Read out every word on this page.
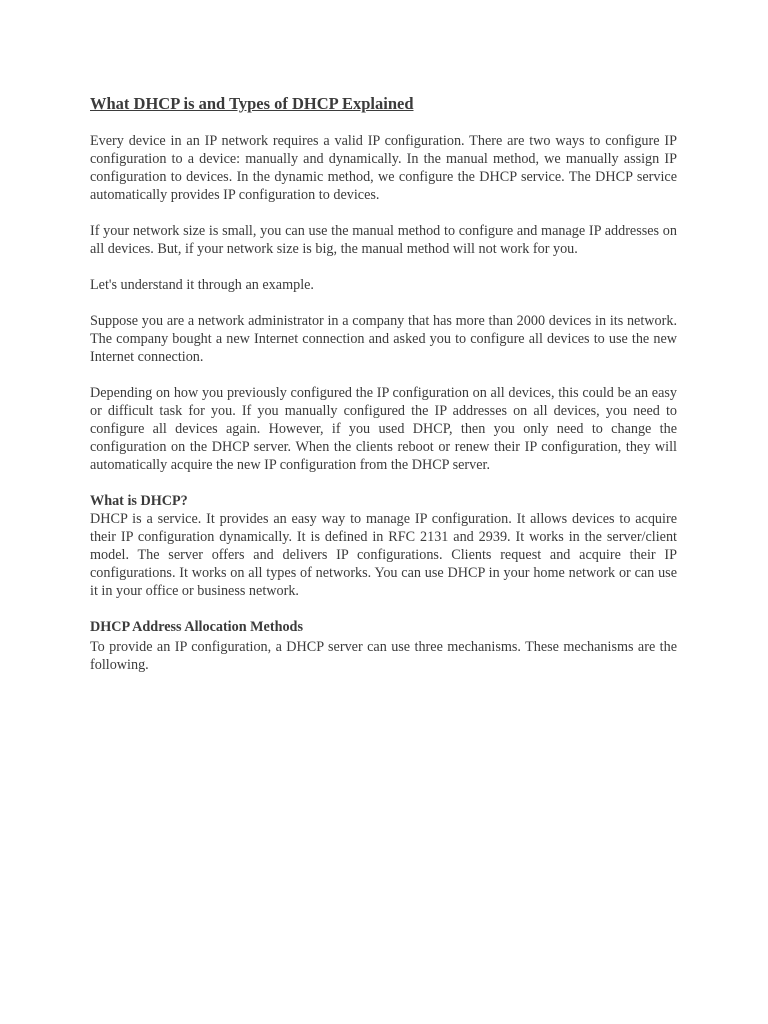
What DHCP is and Types of DHCP Explained

Every device in an IP network requires a valid IP configuration. There are two ways to configure IP configuration to a device: manually and dynamically. In the manual method, we manually assign IP configuration to devices. In the dynamic method, we configure the DHCP service. The DHCP service automatically provides IP configuration to devices.

If your network size is small, you can use the manual method to configure and manage IP addresses on all devices. But, if your network size is big, the manual method will not work for you.

Let's understand it through an example.

Suppose you are a network administrator in a company that has more than 2000 devices in its network. The company bought a new Internet connection and asked you to configure all devices to use the new Internet connection.

Depending on how you previously configured the IP configuration on all devices, this could be an easy or difficult task for you. If you manually configured the IP addresses on all devices, you need to configure all devices again. However, if you used DHCP, then you only need to change the configuration on the DHCP server. When the clients reboot or renew their IP configuration, they will automatically acquire the new IP configuration from the DHCP server.

What is DHCP?

DHCP is a service. It provides an easy way to manage IP configuration. It allows devices to acquire their IP configuration dynamically. It is defined in RFC 2131 and 2939. It works in the server/client model. The server offers and delivers IP configurations. Clients request and acquire their IP configurations. It works on all types of networks. You can use DHCP in your home network or can use it in your office or business network.

DHCP Address Allocation Methods

To provide an IP configuration, a DHCP server can use three mechanisms. These mechanisms are the following.
